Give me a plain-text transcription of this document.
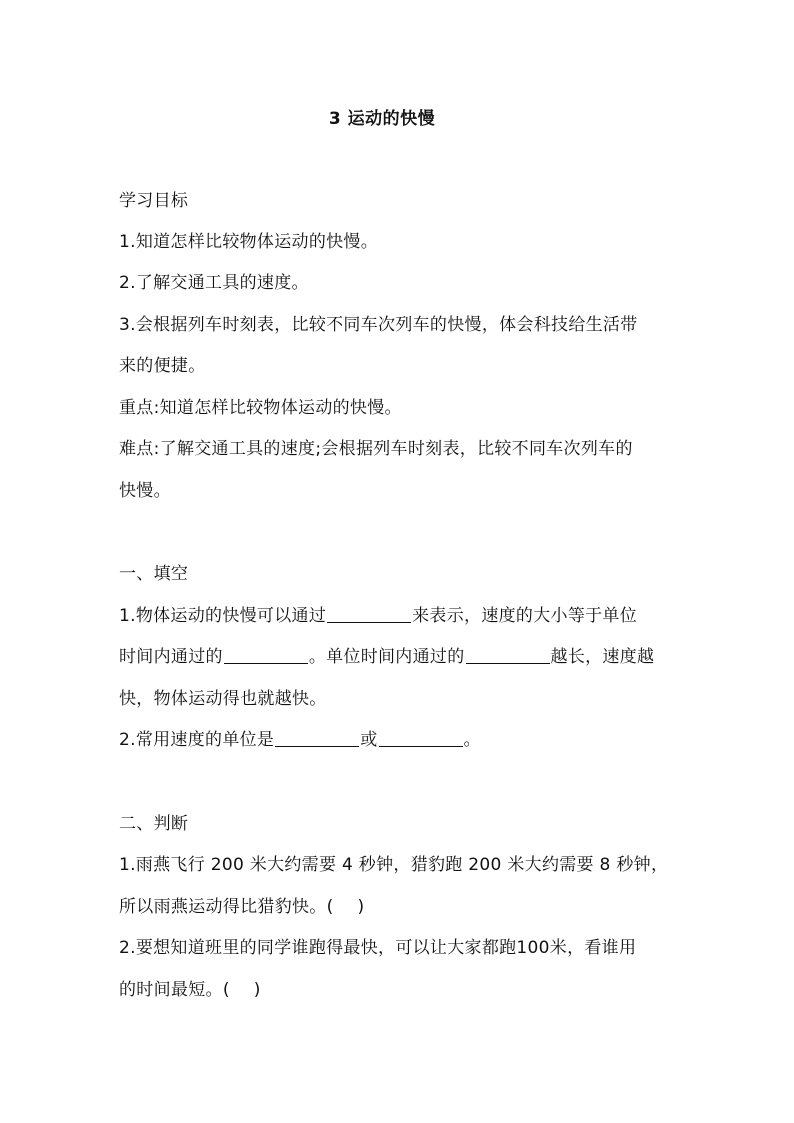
3 运动的快慢
学习目标
1.知道怎样比较物体运动的快慢。
2.了解交通工具的速度。
3.会根据列车时刻表，比较不同车次列车的快慢，体会科技给生活带
来的便捷。
重点:知道怎样比较物体运动的快慢。
难点:了解交通工具的速度;会根据列车时刻表，比较不同车次列车的
快慢。
一、填空
1.物体运动的快慢可以通过	来表示，速度的大小等于单位
时间内通过的	。单位时间内通过的	越长，速度越
快，物体运动得也就越快。
2.常用速度的单位是	或	。
二、判断
1.雨燕飞行 200 米大约需要 4 秒钟，猎豹跑 200 米大约需要 8 秒钟，
所以雨燕运动得比猎豹快。( )
2.要想知道班里的同学谁跑得最快，可以让大家都跑100米，看谁用
的时间最短。( )
